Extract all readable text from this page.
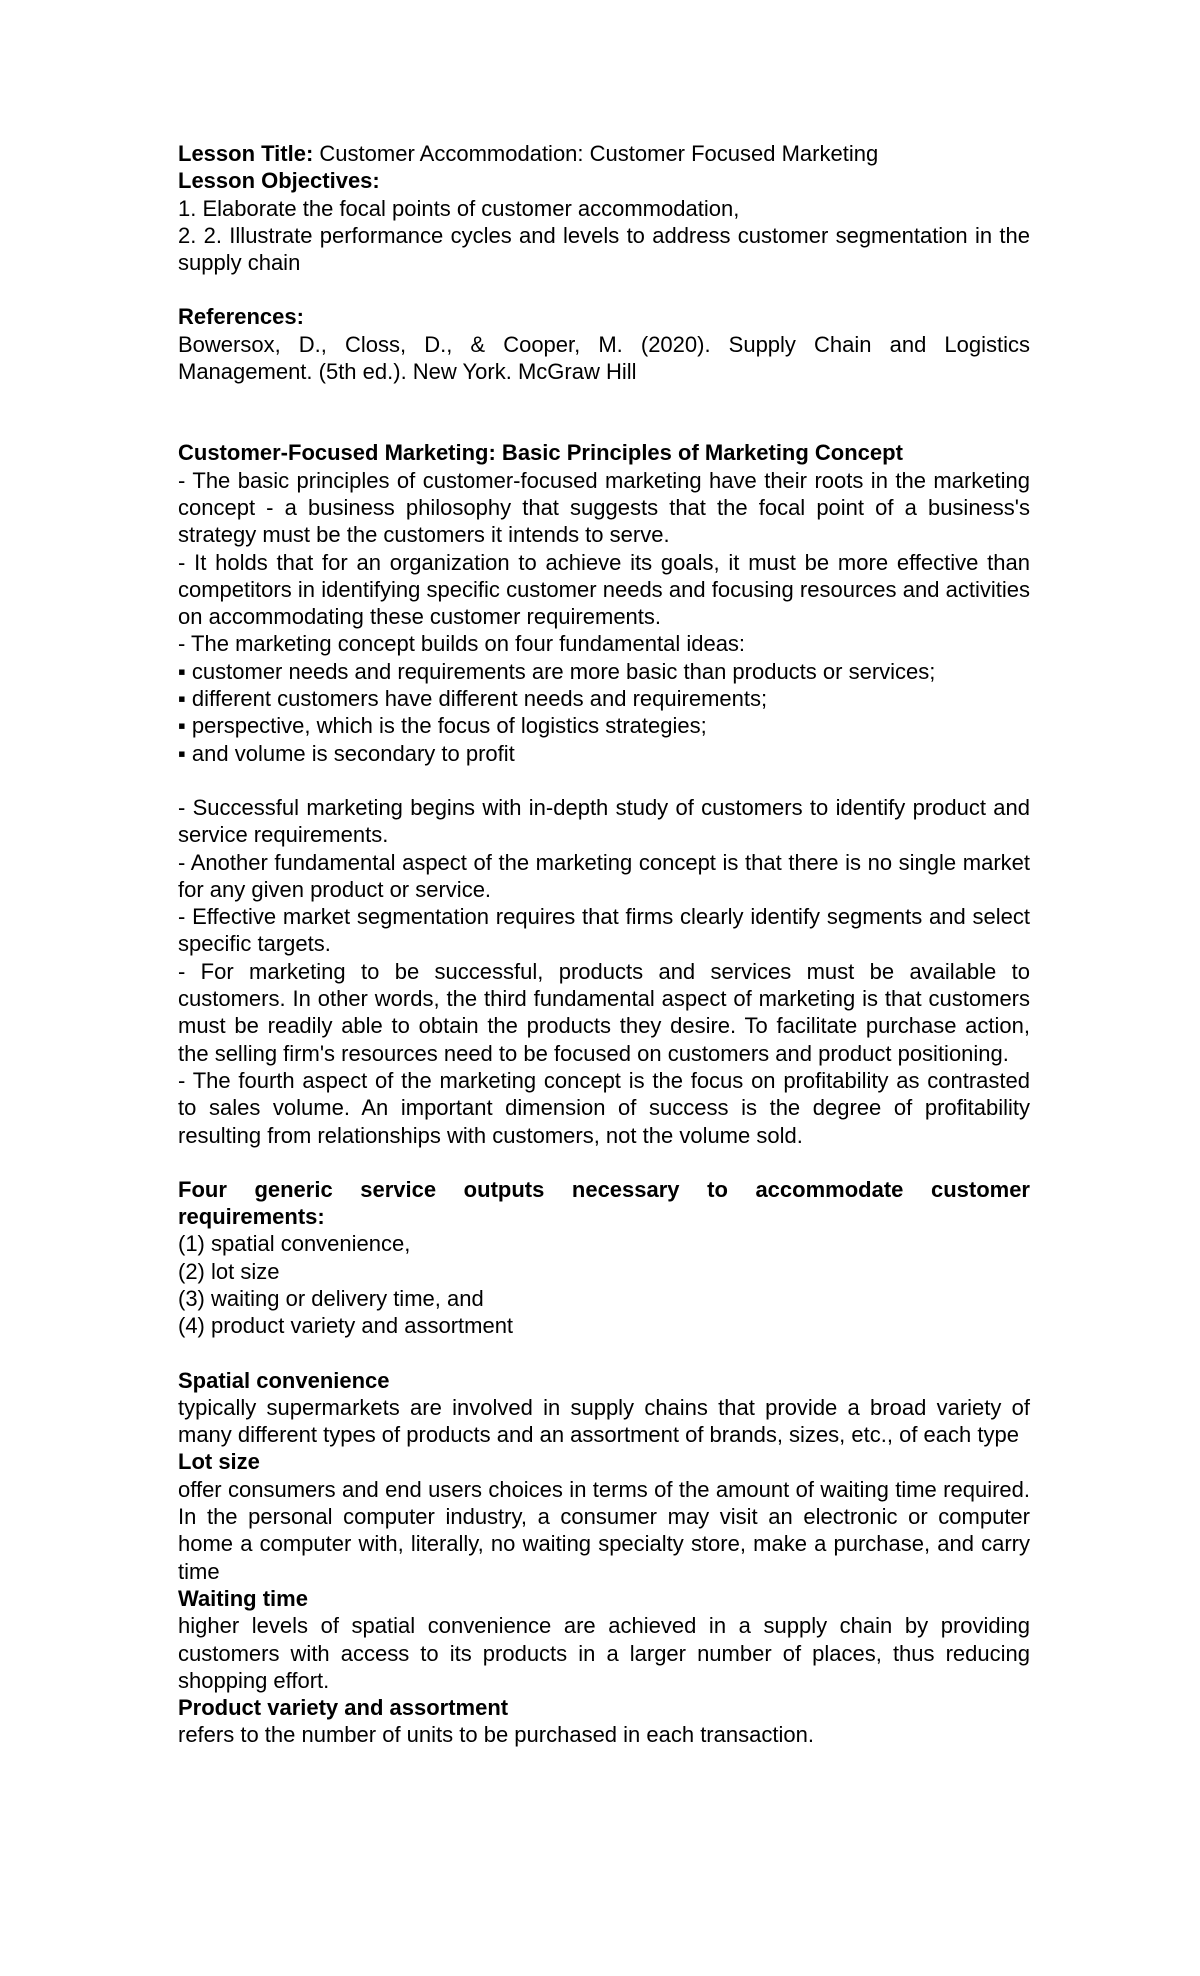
Lesson Title: Customer Accommodation: Customer Focused Marketing

Lesson Objectives:

1. Elaborate the focal points of customer accommodation,

2. 2. Illustrate performance cycles and levels to address customer segmentation in the supply chain

References:

Bowersox, D., Closs, D., & Cooper, M. (2020). Supply Chain and Logistics Management. (5th ed.). New York. McGraw Hill

Customer-Focused Marketing: Basic Principles of Marketing Concept

- The basic principles of customer-focused marketing have their roots in the marketing concept - a business philosophy that suggests that the focal point of a business's strategy must be the customers it intends to serve.

- It holds that for an organization to achieve its goals, it must be more effective than competitors in identifying specific customer needs and focusing resources and activities on accommodating these customer requirements.

- The marketing concept builds on four fundamental ideas:

▪ customer needs and requirements are more basic than products or services;

▪ different customers have different needs and requirements;

▪ perspective, which is the focus of logistics strategies;

▪ and volume is secondary to profit

- Successful marketing begins with in-depth study of customers to identify product and service requirements.

- Another fundamental aspect of the marketing concept is that there is no single market for any given product or service.

- Effective market segmentation requires that firms clearly identify segments and select specific targets.

- For marketing to be successful, products and services must be available to customers. In other words, the third fundamental aspect of marketing is that customers must be readily able to obtain the products they desire. To facilitate purchase action, the selling firm's resources need to be focused on customers and product positioning.

- The fourth aspect of the marketing concept is the focus on profitability as contrasted to sales volume. An important dimension of success is the degree of profitability resulting from relationships with customers, not the volume sold.

Four generic service outputs necessary to accommodate customer requirements:

(1) spatial convenience,

(2) lot size

(3) waiting or delivery time, and

(4) product variety and assortment

Spatial convenience

typically supermarkets are involved in supply chains that provide a broad variety of many different types of products and an assortment of brands, sizes, etc., of each type

Lot size

offer consumers and end users choices in terms of the amount of waiting time required. In the personal computer industry, a consumer may visit an electronic or computer home a computer with, literally, no waiting specialty store, make a purchase, and carry time

Waiting time

higher levels of spatial convenience are achieved in a supply chain by providing customers with access to its products in a larger number of places, thus reducing shopping effort.

Product variety and assortment

refers to the number of units to be purchased in each transaction.
